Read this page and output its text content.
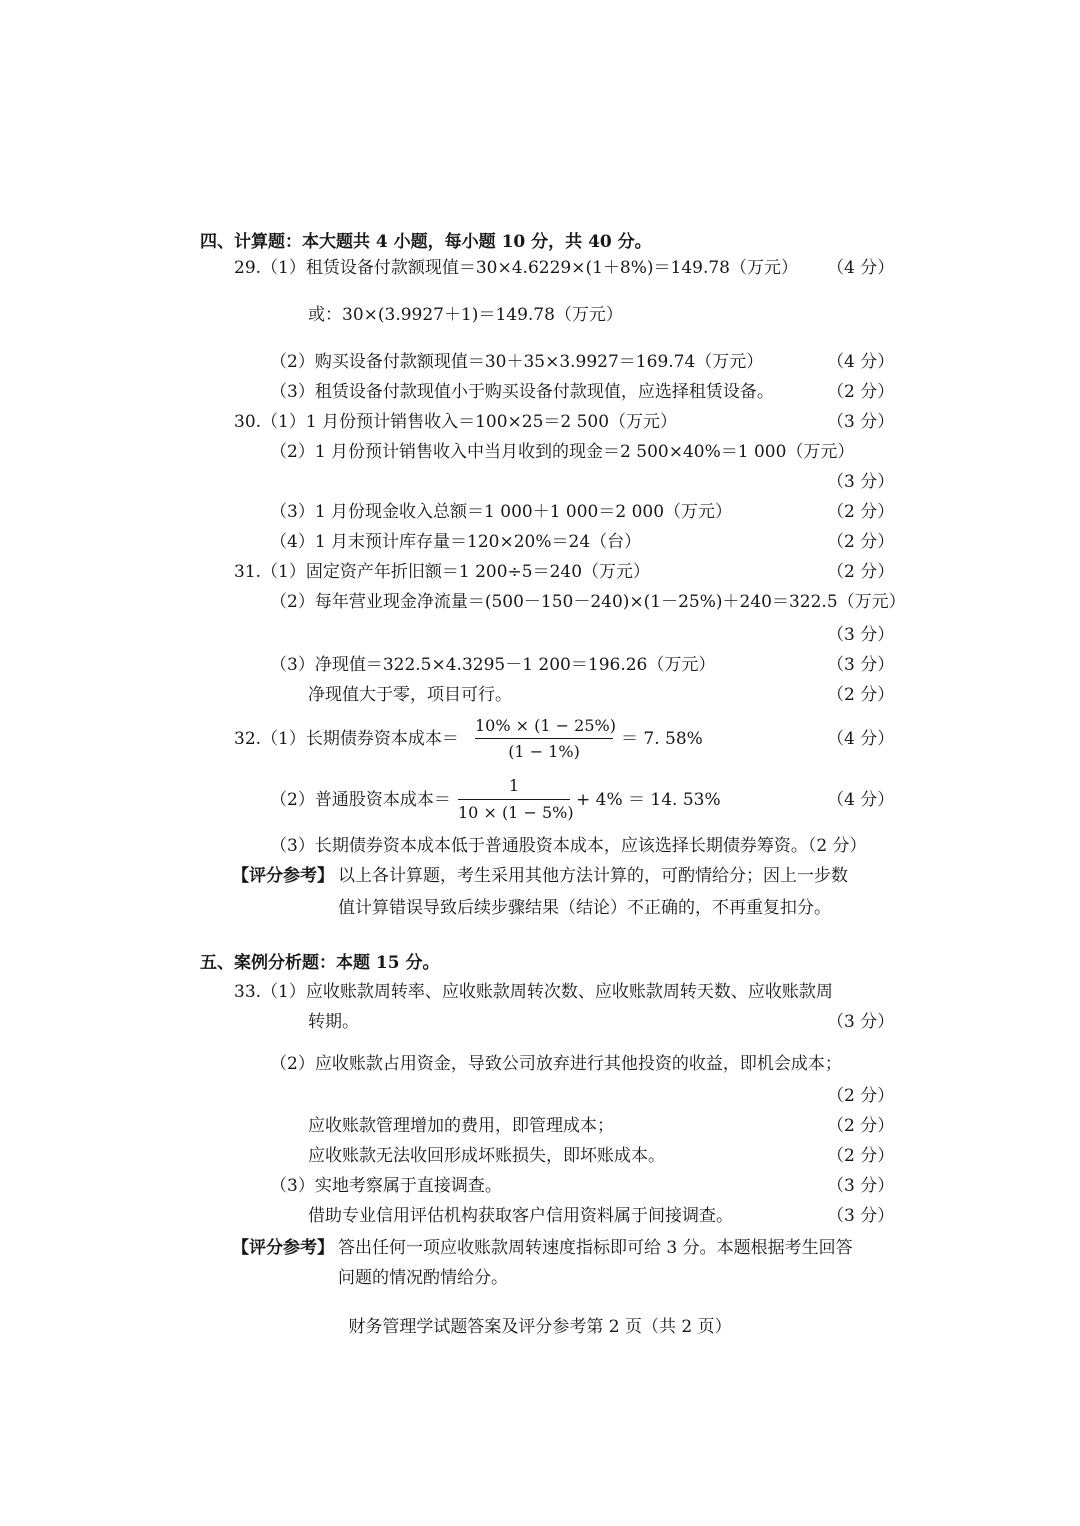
四、计算题：本大题共 4 小题，每小题 10 分，共 40 分。
29.（1）租赁设备付款额现值＝30×4.6229×(1＋8%)＝149.78（万元） （4 分）
或：30×(3.9927＋1)＝149.78（万元）
（2）购买设备付款额现值＝30＋35×3.9927＝169.74（万元）	（4 分）
（3）租赁设备付款现值小于购买设备付款现值，应选择租赁设备。	（2 分）
30.（1）1 月份预计销售收入＝100×25＝2 500（万元）	（3 分）
（2）1 月份预计销售收入中当月收到的现金＝2 500×40%＝1 000（万元）
（3 分）
（3）1 月份现金收入总额＝1 000＋1 000＝2 000（万元）	（2 分）
（4）1 月末预计库存量＝120×20%＝24（台）	（2 分）
31.（1）固定资产年折旧额＝1 200÷5＝240（万元）	（2 分）
（2）每年营业现金净流量＝(500－150－240)×(1－25%)＋240＝322.5（万元）
（3 分）
（3）净现值＝322.5×4.3295－1 200＝196.26（万元）	（3 分）
净现值大于零，项目可行。	（2 分）
32.（1）长期债券资本成本＝
10% × (1 − 25%)
(1 − 1%)
＝ 7. 58%	（4 分）
（2）普通股资本成本＝
1
10 × (1 − 5%)
+ 4% ＝ 14. 53%	（4 分）
（3）长期债券资本成本低于普通股资本成本，应该选择长期债券筹资。（2 分）
【评分参考】 以上各计算题，考生采用其他方法计算的，可酌情给分；因上一步数
值计算错误导致后续步骤结果（结论）不正确的，不再重复扣分。
五、案例分析题：本题 15 分。
33.（1）应收账款周转率、应收账款周转次数、应收账款周转天数、应收账款周
转期。	（3 分）
（2）应收账款占用资金，导致公司放弃进行其他投资的收益，即机会成本；
（2 分）
应收账款管理增加的费用，即管理成本；	（2 分）
应收账款无法收回形成坏账损失，即坏账成本。	（2 分）
（3）实地考察属于直接调查。	（3 分）
借助专业信用评估机构获取客户信用资料属于间接调查。	（3 分）
【评分参考】 答出任何一项应收账款周转速度指标即可给 3 分。本题根据考生回答
问题的情况酌情给分。
财务管理学试题答案及评分参考第 2 页（共 2 页）
